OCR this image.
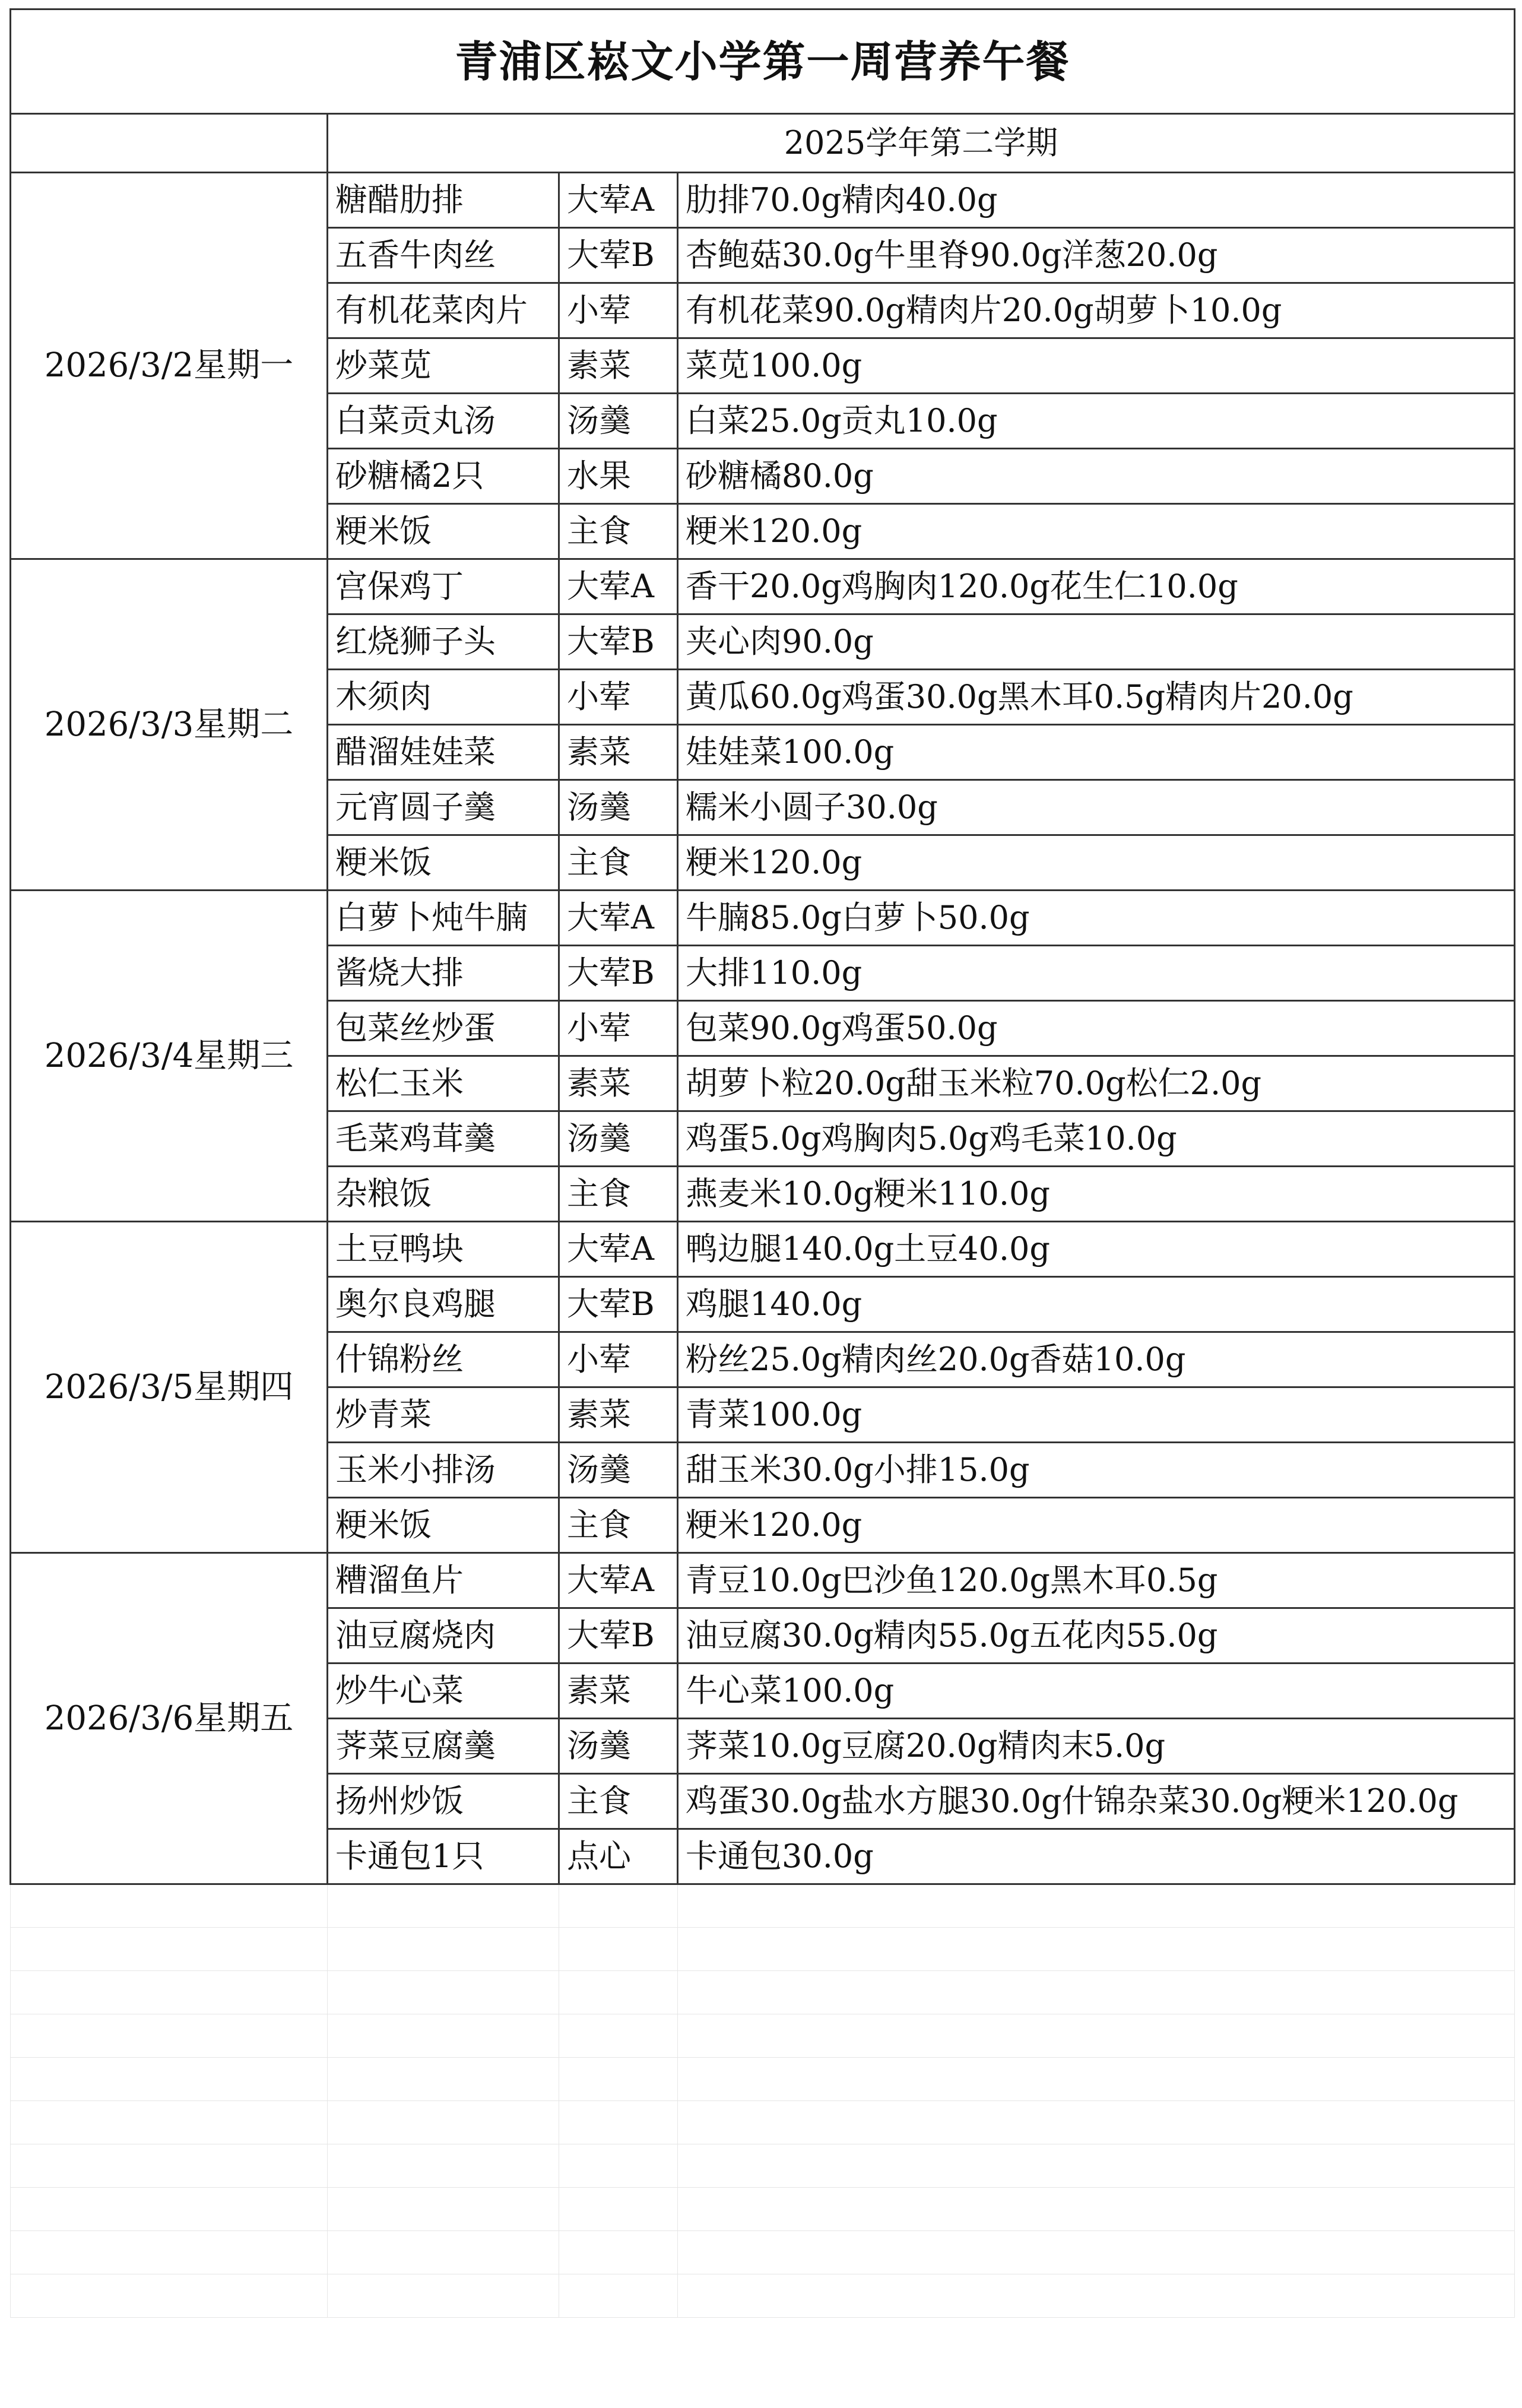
青浦区崧文小学第一周营养午餐			
	2025学年第二学期		
2026/3/2星期一	糖醋肋排	大荤A	肋排70.0g精肉40.0g
	五香牛肉丝	大荤B	杏鲍菇30.0g牛里脊90.0g洋葱20.0g
	有机花菜肉片	小荤	有机花菜90.0g精肉片20.0g胡萝卜10.0g
	炒菜苋	素菜	菜苋100.0g
	白菜贡丸汤	汤羹	白菜25.0g贡丸10.0g
	砂糖橘2只	水果	砂糖橘80.0g
	粳米饭	主食	粳米120.0g
2026/3/3星期二	宫保鸡丁	大荤A	香干20.0g鸡胸肉120.0g花生仁10.0g
	红烧狮子头	大荤B	夹心肉90.0g
	木须肉	小荤	黄瓜60.0g鸡蛋30.0g黑木耳0.5g精肉片20.0g
	醋溜娃娃菜	素菜	娃娃菜100.0g
	元宵圆子羹	汤羹	糯米小圆子30.0g
	粳米饭	主食	粳米120.0g
2026/3/4星期三	白萝卜炖牛腩	大荤A	牛腩85.0g白萝卜50.0g
	酱烧大排	大荤B	大排110.0g
	包菜丝炒蛋	小荤	包菜90.0g鸡蛋50.0g
	松仁玉米	素菜	胡萝卜粒20.0g甜玉米粒70.0g松仁2.0g
	毛菜鸡茸羹	汤羹	鸡蛋5.0g鸡胸肉5.0g鸡毛菜10.0g
	杂粮饭	主食	燕麦米10.0g粳米110.0g
2026/3/5星期四	土豆鸭块	大荤A	鸭边腿140.0g土豆40.0g
	奥尔良鸡腿	大荤B	鸡腿140.0g
	什锦粉丝	小荤	粉丝25.0g精肉丝20.0g香菇10.0g
	炒青菜	素菜	青菜100.0g
	玉米小排汤	汤羹	甜玉米30.0g小排15.0g
	粳米饭	主食	粳米120.0g
2026/3/6星期五	糟溜鱼片	大荤A	青豆10.0g巴沙鱼120.0g黑木耳0.5g
	油豆腐烧肉	大荤B	油豆腐30.0g精肉55.0g五花肉55.0g
	炒牛心菜	素菜	牛心菜100.0g
	荠菜豆腐羹	汤羹	荠菜10.0g豆腐20.0g精肉末5.0g
	扬州炒饭	主食	鸡蛋30.0g盐水方腿30.0g什锦杂菜30.0g粳米120.0g
	卡通包1只	点心	卡通包30.0g
